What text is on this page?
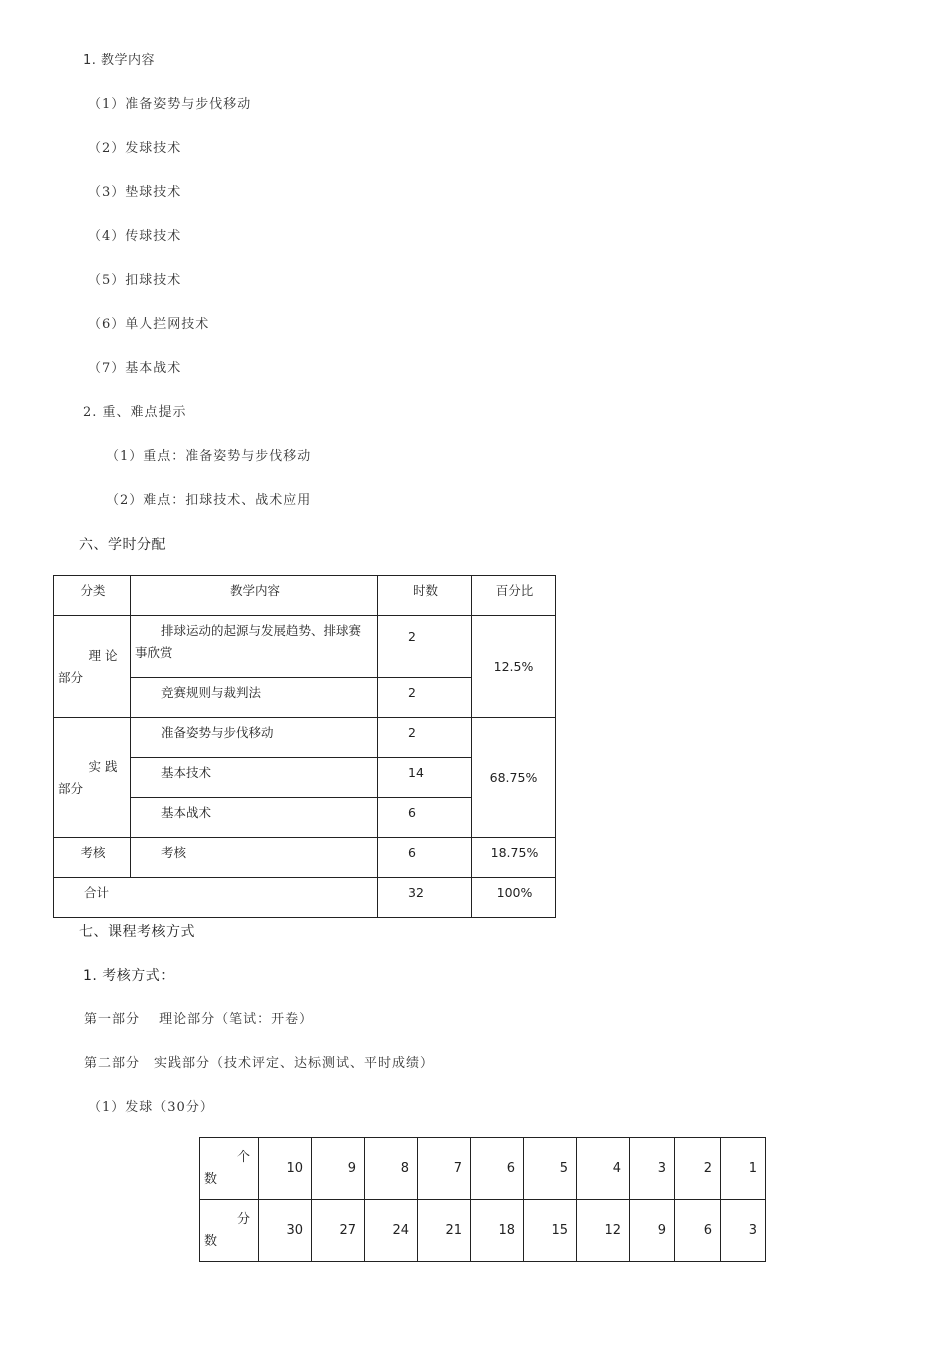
1. 教学内容
（1）准备姿势与步伐移动
（2）发球技术
（3）垫球技术
（4）传球技术
（5）扣球技术
（6）单人拦网技术
（7）基本战术
2. 重、难点提示
（1）重点：准备姿势与步伐移动
（2）难点：扣球技术、战术应用
六、学时分配
分类	教学内容	时数	百分比

理 论
部分	排球运动的起源与发展趋势、排球赛事欣赏	2	12.5%
	竞赛规则与裁判法	2	

实 践
部分	准备姿势与步伐移动	2	68.75%
	基本技术	14	
	基本战术	6	
考核	考核	6	18.75%
合计		32	100%
七、课程考核方式
1. 考核方式：
第一部分　 理论部分（笔试：开卷）
第二部分　实践部分（技术评定、达标测试、平时成绩）
（1）发球（30分）
个
数	10	9	8	7	6	5	4	3	2	1

分
数	30	27	24	21	18	15	12	9	6	3
